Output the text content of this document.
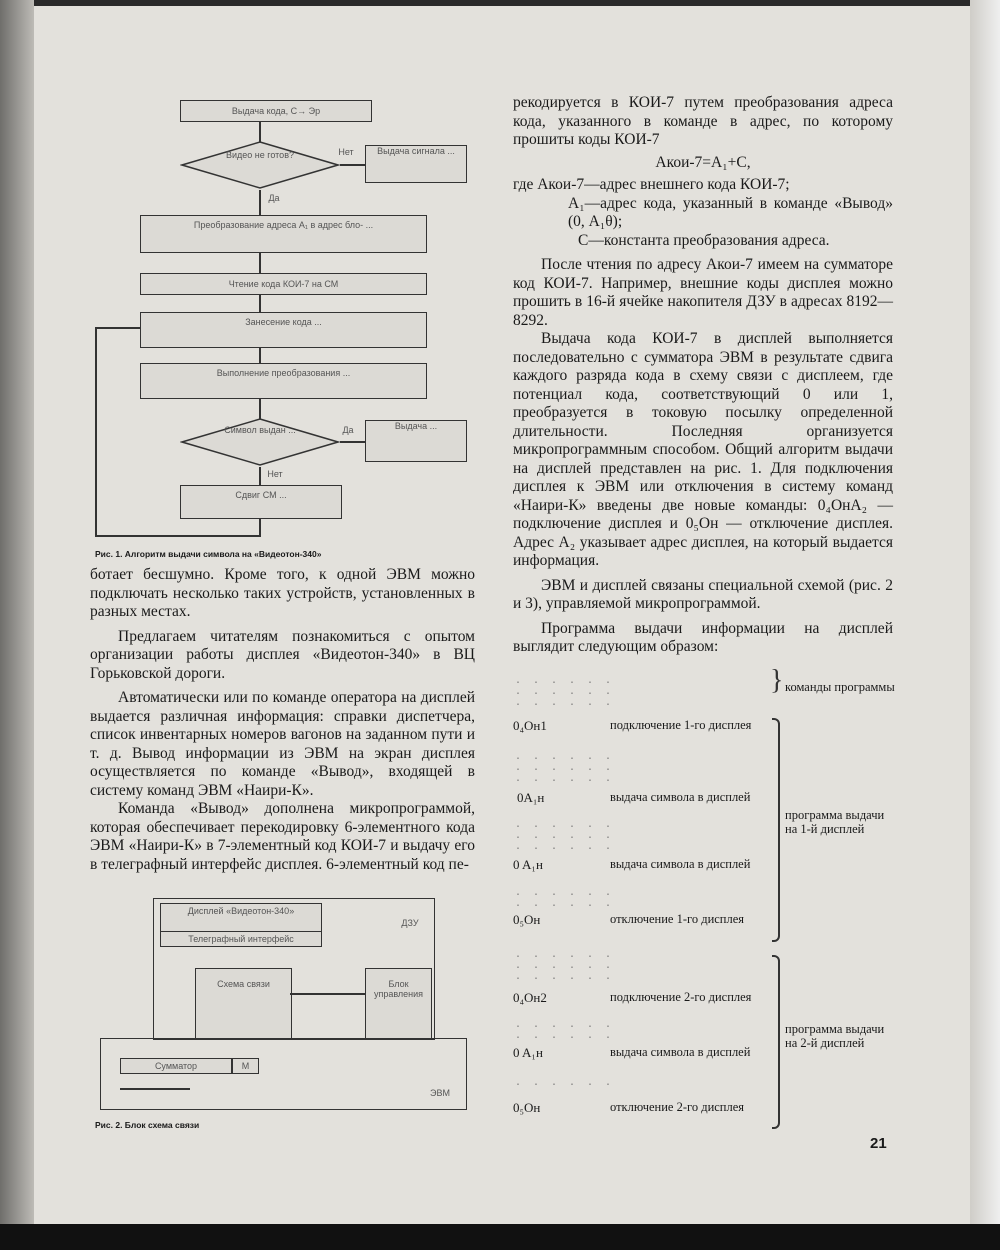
Выдача кода, С→ Эр
Видео не готов?	Выдача сигнала ...
Нет
Да
Преобразование адреса А₁ в адрес бло- ...
Чтение кода КОИ-7 на СМ
Занесение кода ...
Выполнение преобразования ...
Символ выдан ...	Выдача ...
Да
Нет
Сдвиг СМ ...
Рис. 1. Алгоритм выдачи символа на «Видеотон-340»

ботает бесшумно. Кроме того, к одной ЭВМ можно подключать несколько таких устройств, установленных в разных местах.

Предлагаем читателям познакомиться с опытом организации работы дисплея «Видеотон-340» в ВЦ Горьковской дороги.

Автоматически или по команде оператора на дисплей выдается различная информация: справки диспетчера, список инвентарных номеров вагонов на заданном пути и т. д. Вывод информации из ЭВМ на экран дисплея осуществляется по команде «Вывод», входящей в систему команд ЭВМ «Наири-К».

Команда «Вывод» дополнена микропрограммой, которая обеспечивает перекодировку 6-элементного кода ЭВМ «Наири-К» в 7-элементный код КОИ-7 и выдачу его в телеграфный интерфейс дисплея. 6-элементный код пе-

Дисплей «Видеотон-340»
Телеграфный интерфейс
ДЗУ
Схема связи	Блок управления
Сумматор	М
ЭВМ
Рис. 2. Блок схема связи

рекодируется в КОИ-7 путем преобразования адреса кода, указанного в команде в адрес, по которому прошиты коды КОИ-7

Aкои-7=A₁+C,

где Aкои-7—адрес внешнего кода КОИ-7;

A₁—адрес кода, указанный в команде «Вывод» (0, A₁θ);

C—константа преобразования адреса.

После чтения по адресу Aкои-7 имеем на сумматоре код КОИ-7. Например, внешние коды дисплея можно прошить в 16-й ячейке накопителя ДЗУ в адресах 8192—8292.

Выдача кода КОИ-7 в дисплей выполняется последовательно с сумматора ЭВМ в результате сдвига каждого разряда кода в схему связи с дисплеем, где потенциал кода, соответствующий 0 или 1, преобразуется в токовую посылку определенной длительности. Последняя организуется микропрограммным способом. Общий алгоритм выдачи на дисплей представлен на рис. 1. Для подключения дисплея к ЭВМ или отключения в систему команд «Наири-К» введены две новые команды: 0₄ОнА₂ — подключение дисплея и 0₅Он — отключение дисплея. Адрес A₂ указывает адрес дисплея, на который выдается информация.

ЭВМ и дисплей связаны специальной схемой (рис. 2 и 3), управляемой микропрограммой.

Программа выдачи информации на дисплей выглядит следующим образом:

. . . . . .
. . . . . .
. . . . . .
} команды программы
0₄Он1	подключение 1-го дисплея
. . . . . .
. . . . . .
. . . . . .
0A₁н	выдача символа в дисплей
. . . . . .
. . . . . .
. . . . . .
0 A₁н	выдача символа в дисплей
. . . . . .
. . . . . .
0₅Он	отключение 1-го дисплея
программа выдачи на 1-й дисплей
. . . . . .
. . . . . .
. . . . . .
0₄Он2	подключение 2-го дисплея
. . . . . .
. . . . . .
0 A₁н	выдача символа в дисплей
. . . . . .
0₅Он	отключение 2-го дисплея
программа выдачи на 2-й дисплей
21
